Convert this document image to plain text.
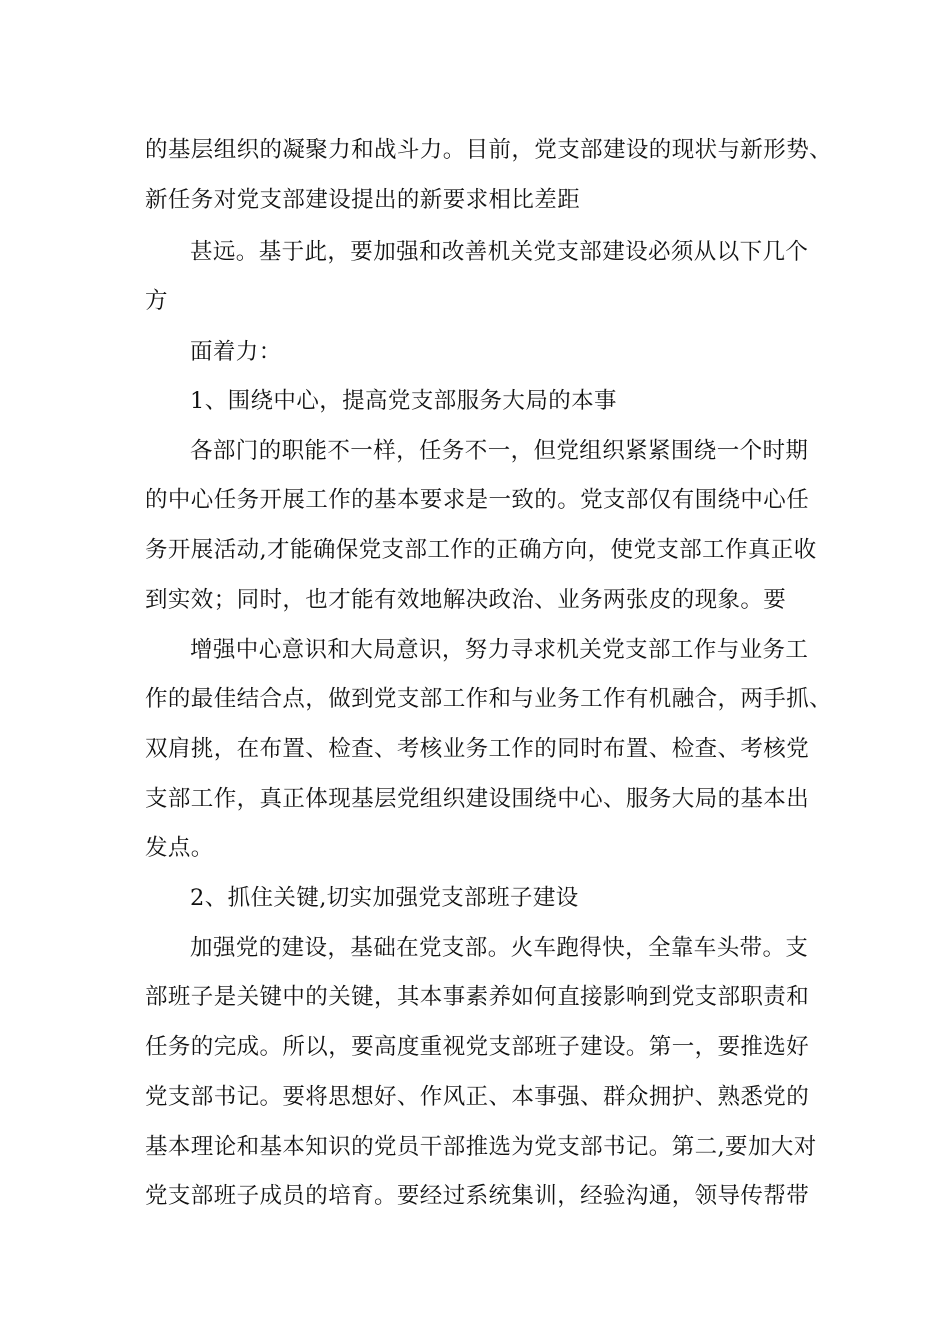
的基层组织的凝聚力和战斗力。目前，党支部建设的现状与新形势、
新任务对党支部建设提出的新要求相比差距
甚远。基于此，要加强和改善机关党支部建设必须从以下几个
方
面着力：
1、围绕中心，提高党支部服务大局的本事
各部门的职能不一样，任务不一，但党组织紧紧围绕一个时期
的中心任务开展工作的基本要求是一致的。党支部仅有围绕中心任
务开展活动,才能确保党支部工作的正确方向，使党支部工作真正收
到实效；同时，也才能有效地解决政治、业务两张皮的现象。要
增强中心意识和大局意识，努力寻求机关党支部工作与业务工
作的最佳结合点，做到党支部工作和与业务工作有机融合，两手抓、
双肩挑，在布置、检查、考核业务工作的同时布置、检查、考核党
支部工作，真正体现基层党组织建设围绕中心、服务大局的基本出
发点。
2、抓住关键,切实加强党支部班子建设
加强党的建设，基础在党支部。火车跑得快，全靠车头带。支
部班子是关键中的关键，其本事素养如何直接影响到党支部职责和
任务的完成。所以，要高度重视党支部班子建设。第一，要推选好
党支部书记。要将思想好、作风正、本事强、群众拥护、熟悉党的
基本理论和基本知识的党员干部推选为党支部书记。第二,要加大对
党支部班子成员的培育。要经过系统集训，经验沟通，领导传帮带
